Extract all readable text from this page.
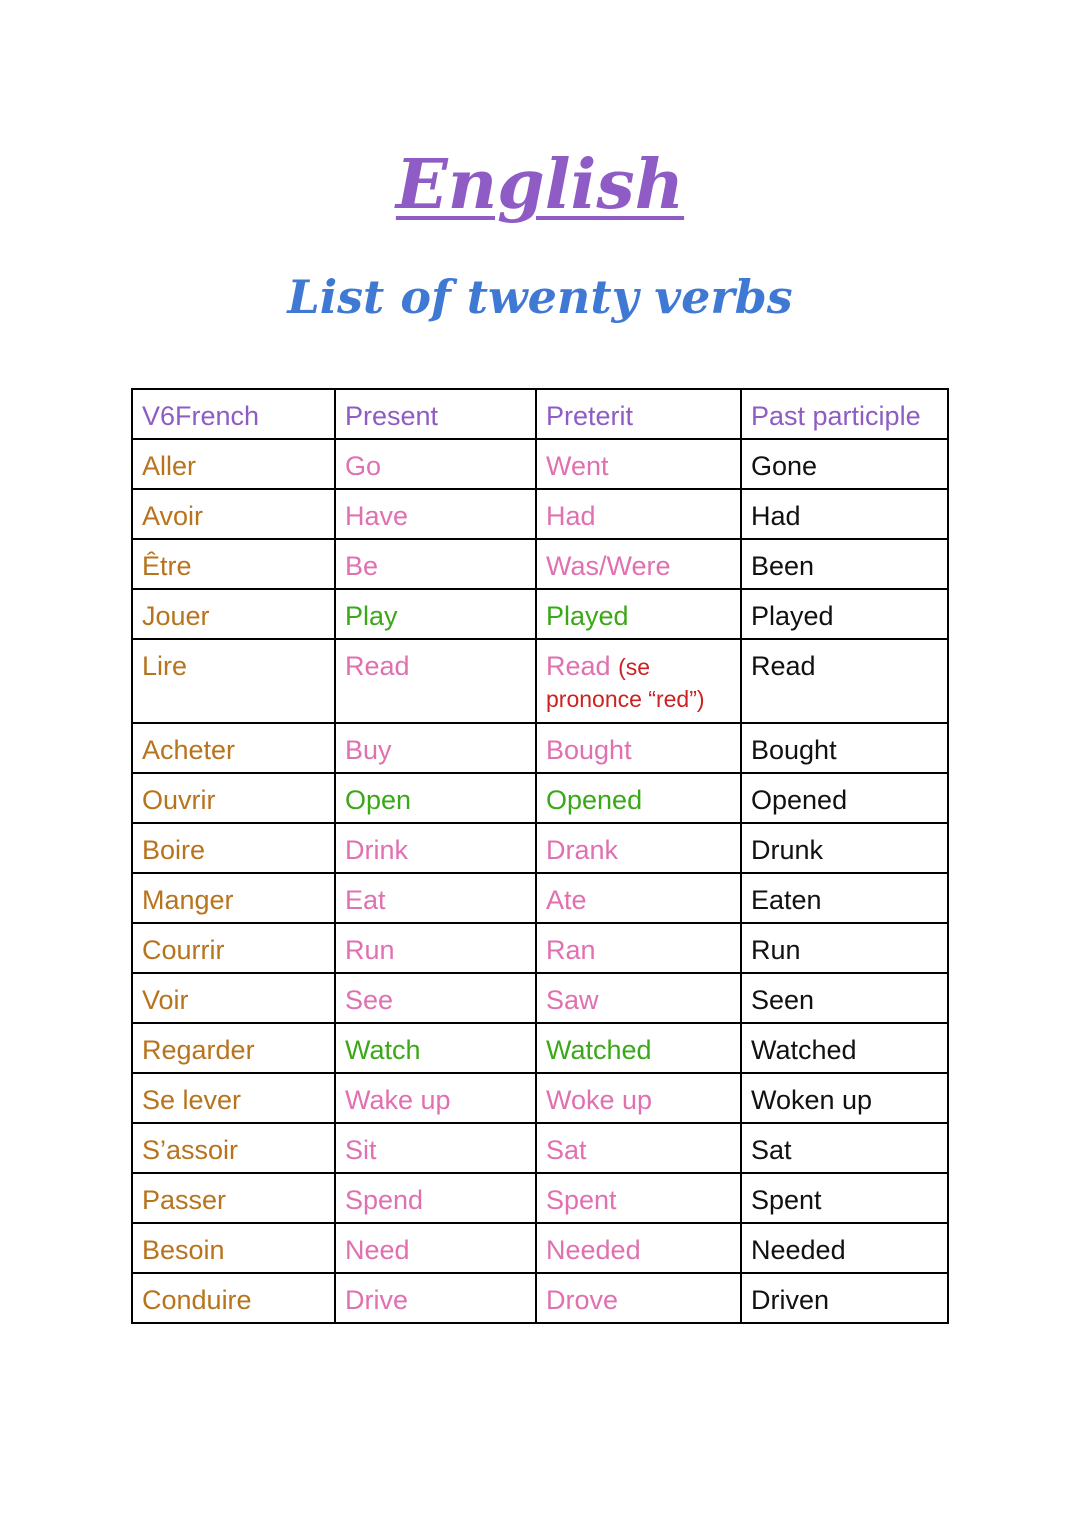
English
List of twenty verbs
V6French	Present	Preterit	Past participle
Aller	Go	Went	Gone
Avoir	Have	Had	Had
Être	Be	Was/Were	Been
Jouer	Play	Played	Played
Lire	Read	Read (se prononce “red”)	Read
Acheter	Buy	Bought	Bought
Ouvrir	Open	Opened	Opened
Boire	Drink	Drank	Drunk
Manger	Eat	Ate	Eaten
Courrir	Run	Ran	Run
Voir	See	Saw	Seen
Regarder	Watch	Watched	Watched
Se lever	Wake up	Woke up	Woken up
S’assoir	Sit	Sat	Sat
Passer	Spend	Spent	Spent
Besoin	Need	Needed	Needed
Conduire	Drive	Drove	Driven
